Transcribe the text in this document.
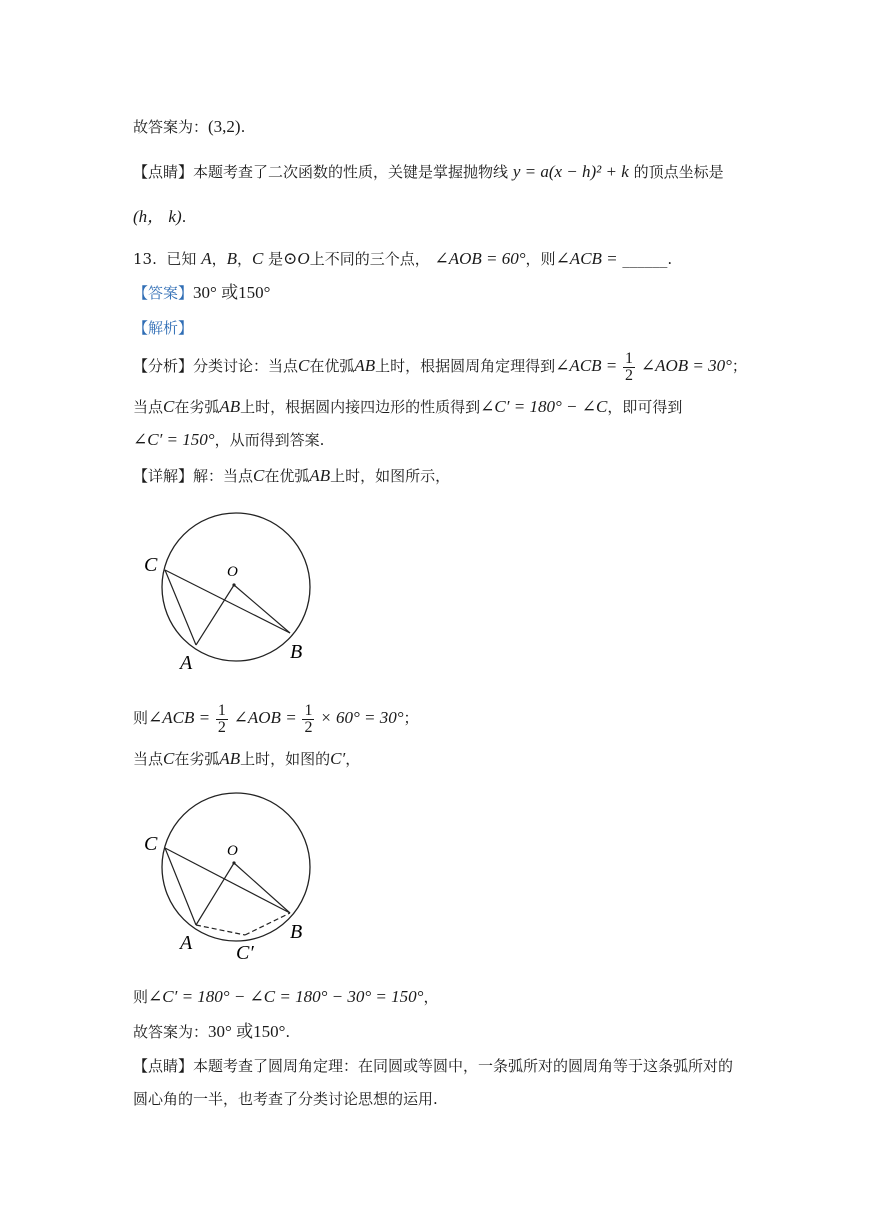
故答案为：(3,2).
【点睛】本题考查了二次函数的性质，关键是掌握抛物线 y = a(x − h)² + k 的顶点坐标是
(h， k).
13. 已知 A，B，C 是⊙O上不同的三个点， ∠AOB = 60°，则∠ACB = ______.
【答案】30° 或150°
【解析】
【分析】分类讨论：当点C在优弧AB上时，根据圆周角定理得到∠ACB = $\frac{1}{2}$ ∠AOB = 30°；
当点C在劣弧AB上时，根据圆内接四边形的性质得到∠C′ = 180° − ∠C，即可得到
∠C′ = 150°，从而得到答案.
【详解】解：当点C在优弧AB上时，如图所示，
C	O
A	B
则∠ACB = $\frac{1}{2}$ ∠AOB = $\frac{1}{2} \times 60^\circ = 30^\circ$；
当点C在劣弧AB上时，如图的C′，
C	O
A	B
C′
则∠C′ = 180° − ∠C = 180° − 30° = 150°，
故答案为：30° 或150°.
【点睛】本题考查了圆周角定理：在同圆或等圆中，一条弧所对的圆周角等于这条弧所对的
圆心角的一半，也考查了分类讨论思想的运用.
